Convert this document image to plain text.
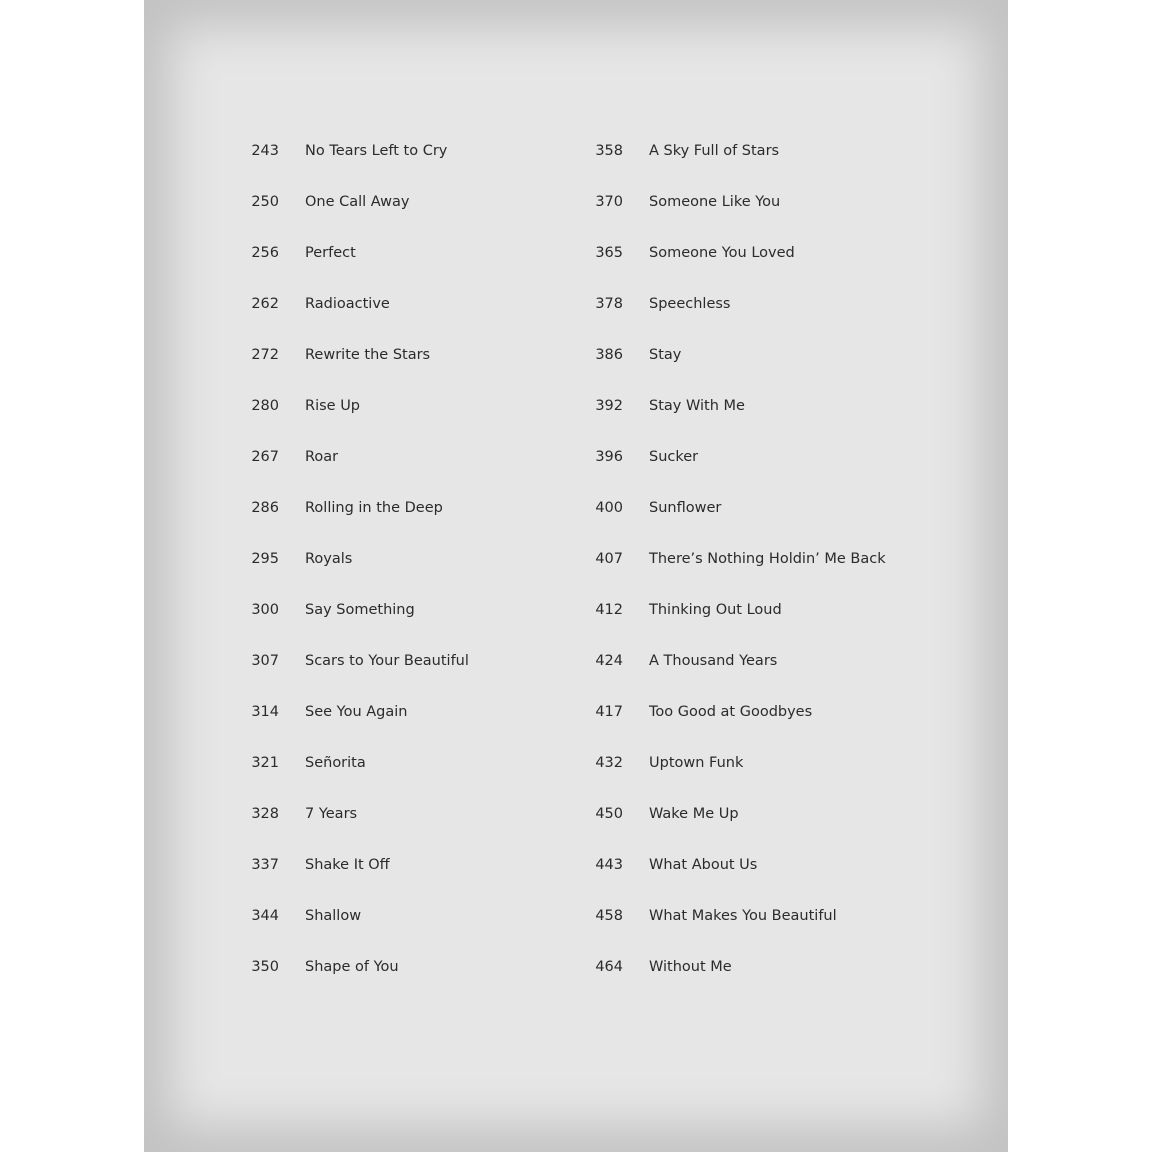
243 No Tears Left to Cry
250 One Call Away
256 Perfect
262 Radioactive
272 Rewrite the Stars
280 Rise Up
267 Roar
286 Rolling in the Deep
295 Royals
300 Say Something
307 Scars to Your Beautiful
314 See You Again
321 Señorita
328 7 Years
337 Shake It Off
344 Shallow
350 Shape of You
358 A Sky Full of Stars
370 Someone Like You
365 Someone You Loved
378 Speechless
386 Stay
392 Stay With Me
396 Sucker
400 Sunflower
407 There’s Nothing Holdin’ Me Back
412 Thinking Out Loud
424 A Thousand Years
417 Too Good at Goodbyes
432 Uptown Funk
450 Wake Me Up
443 What About Us
458 What Makes You Beautiful
464 Without Me
